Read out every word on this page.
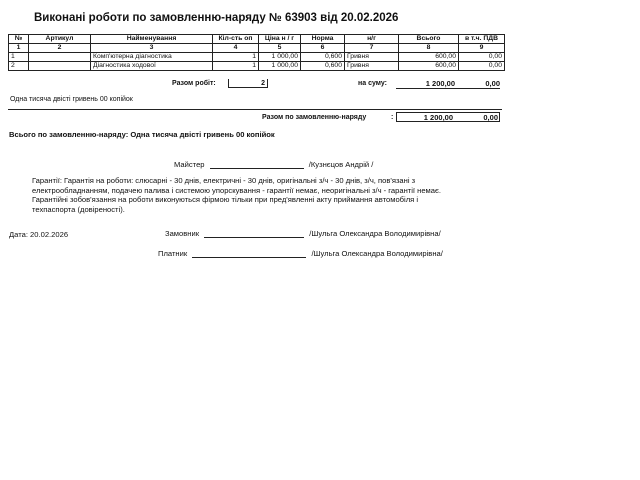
Виконані роботи по замовленню-наряду № 63903 від 20.02.2026
№	Артикул	Найменування	Кіл-сть оп	Ціна н / г	Норма	н/г	Всього	в т.ч. ПДВ
1	2	3	4	5	6	7	8	9
1		Комп'ютерна діагностика	1	1 000,00	0,600	Гривня	600,00	0,00
2		Діагностика ходової	1	1 000,00	0,600	Гривня	600,00	0,00
Разом робіт:	2	на суму:	1 200,00	0,00
Одна тисяча двісті гривень 00 копійок
Разом по замовленню-наряду	:	1 200,00	0,00
Всього по замовленню-наряду: Одна тисяча двісті гривень 00 копійок
Майстер	/Кузнєцов Андрій /
Гарантії: Гарантія на роботи: слюсарні - 30 днів, електричні - 30 днів, оригінальні з/ч - 30 днів, з/ч, пов'язані з електрообладнанням, подачею палива і системою упорскування - гарантії немає, неоригінальні з/ч - гарантії немає. Гарантійні зобов'язання на роботи виконуються фірмою тільки при пред'явленні акту приймання автомобіля і техпаспорта (довіреності).
Дата: 20.02.2026	Замовник	/Шульга Олександра Володимирівна/
Платник	/Шульга Олександра Володимирівна/
